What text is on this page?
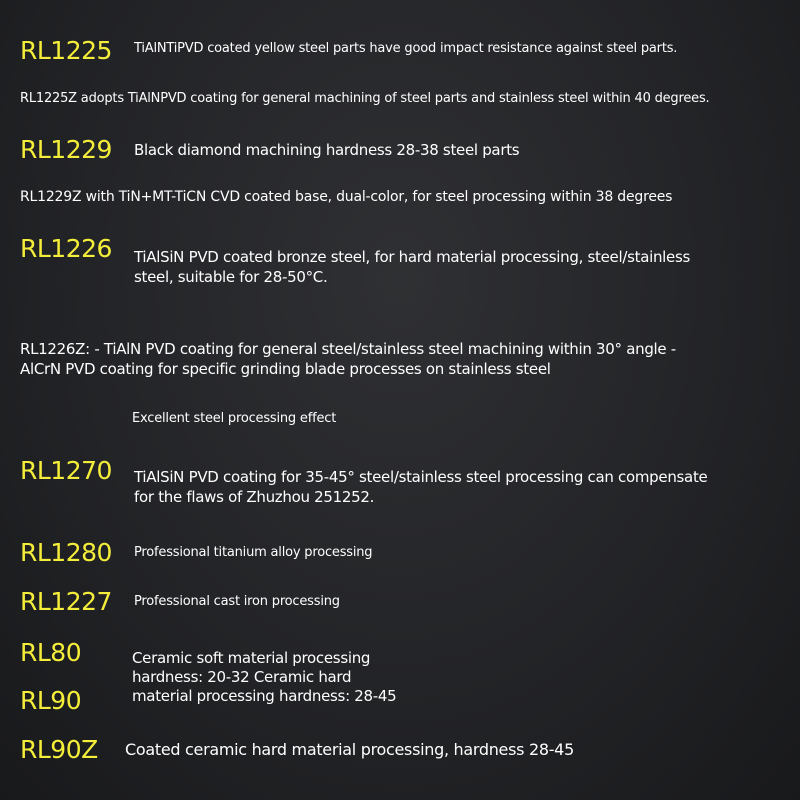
RL1225 TiAlNTiPVD coated yellow steel parts have good impact resistance against steel parts.
RL1225Z adopts TiAlNPVD coating for general machining of steel parts and stainless steel within 40 degrees.
RL1229 Black diamond machining hardness 28-38 steel parts
RL1229Z with TiN+MT-TiCN CVD coated base, dual-color, for steel processing within 38 degrees
RL1226 TiAlSiN PVD coated bronze steel, for hard material processing, steel/stainless
steel, suitable for 28-50°C.
RL1226Z: - TiAlN PVD coating for general steel/stainless steel machining within 30° angle -
AlCrN PVD coating for specific grinding blade processes on stainless steel
Excellent steel processing effect
RL1270 TiAlSiN PVD coating for 35-45° steel/stainless steel processing can compensate
for the flaws of Zhuzhou 251252.
RL1280 Professional titanium alloy processing
RL1227 Professional cast iron processing
RL80
RL90
Ceramic soft material processing
hardness: 20-32 Ceramic hard
material processing hardness: 28-45
RL90Z Coated ceramic hard material processing, hardness 28-45
